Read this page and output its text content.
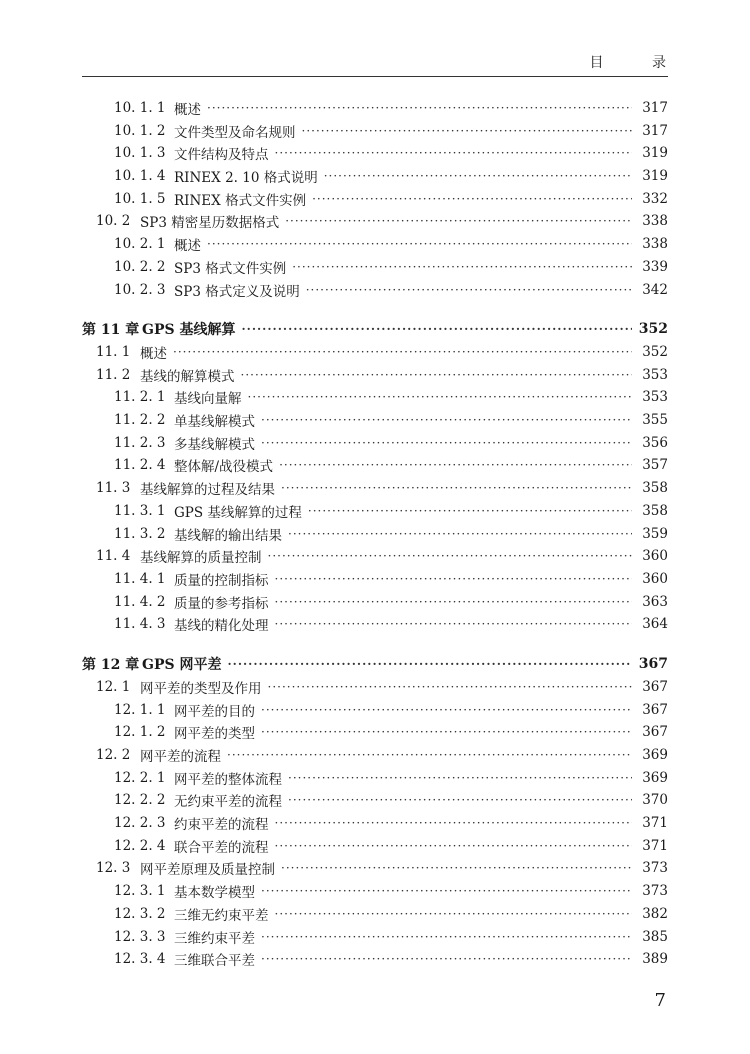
目 录
10. 1. 1 概述 ·····	317
10. 1. 2 文件类型及命名规则 ·····	317
10. 1. 3 文件结构及特点 ·····	319
10. 1. 4 RINEX 2. 10 格式说明 ·····	319
10. 1. 5 RINEX 格式文件实例 ·····	332
10. 2 SP3 精密星历数据格式 ·····	338
10. 2. 1 概述 ·····	338
10. 2. 2 SP3 格式文件实例 ·····	339
10. 2. 3 SP3 格式定义及说明 ·····	342
第 11 章 GPS 基线解算 ·····	352
11. 1 概述 ·····	352
11. 2 基线的解算模式 ·····	353
11. 2. 1 基线向量解 ·····	353
11. 2. 2 单基线解模式 ·····	355
11. 2. 3 多基线解模式 ·····	356
11. 2. 4 整体解/战役模式 ·····	357
11. 3 基线解算的过程及结果 ·····	358
11. 3. 1 GPS 基线解算的过程 ·····	358
11. 3. 2 基线解的输出结果 ·····	359
11. 4 基线解算的质量控制 ·····	360
11. 4. 1 质量的控制指标 ·····	360
11. 4. 2 质量的参考指标 ·····	363
11. 4. 3 基线的精化处理 ·····	364
第 12 章 GPS 网平差 ·····	367
12. 1 网平差的类型及作用 ·····	367
12. 1. 1 网平差的目的 ·····	367
12. 1. 2 网平差的类型 ·····	367
12. 2 网平差的流程 ·····	369
12. 2. 1 网平差的整体流程 ·····	369
12. 2. 2 无约束平差的流程 ·····	370
12. 2. 3 约束平差的流程 ·····	371
12. 2. 4 联合平差的流程 ·····	371
12. 3 网平差原理及质量控制 ·····	373
12. 3. 1 基本数学模型 ·····	373
12. 3. 2 三维无约束平差 ·····	382
12. 3. 3 三维约束平差 ·····	385
12. 3. 4 三维联合平差 ·····	389
7
